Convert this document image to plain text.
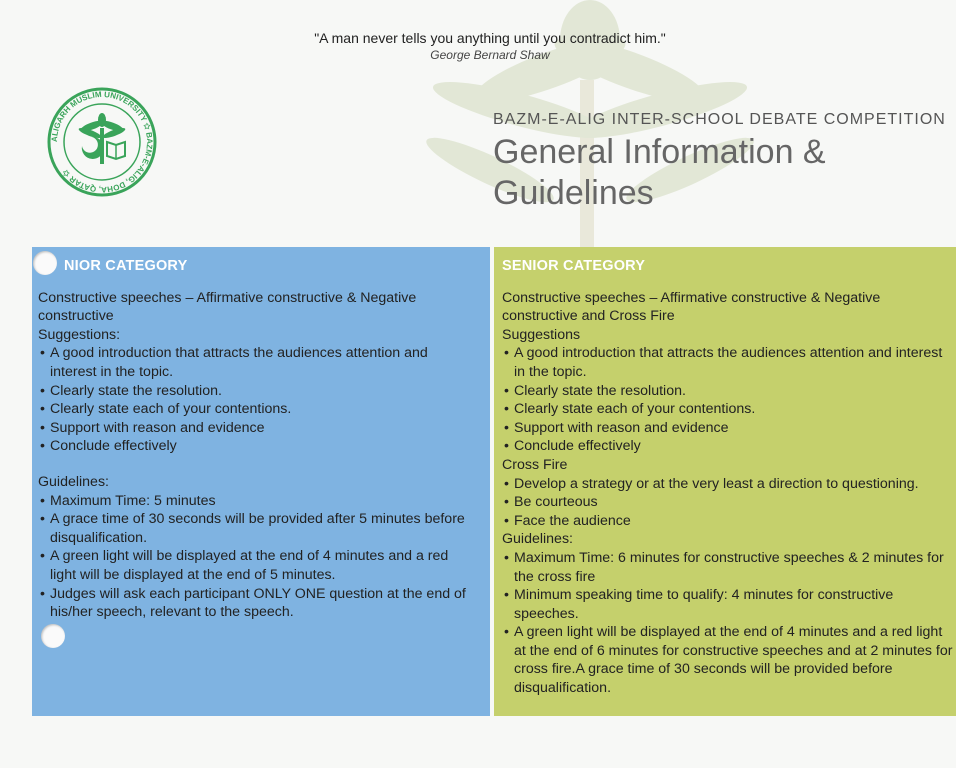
"A man never tells you anything until you contradict him."
George Bernard Shaw
ALIGARH MUSLIM UNIVERSITY ✩ BAZM-E-ALIG, DOHA, QATAR ✩
BAZM-E-ALIG INTER-SCHOOL DEBATE COMPETITION
General Information & Guidelines
NIOR CATEGORY

Constructive speeches – Affirmative constructive & Negative constructive

Suggestions:

• A good introduction that attracts the audiences attention and interest in the topic.
• Clearly state the resolution.
• Clearly state each of your contentions.
• Support with reason and evidence
• Conclude effectively

Guidelines:

• Maximum Time: 5 minutes
• A grace time of 30 seconds will be provided after 5 minutes before disqualification.
• A green light will be displayed at the end of 4 minutes and a red light will be displayed at the end of 5 minutes.
• Judges will ask each participant ONLY ONE question at the end of his/her speech, relevant to the speech.
SENIOR CATEGORY

Constructive speeches – Affirmative constructive & Negative constructive and Cross Fire

Suggestions

• A good introduction that attracts the audiences attention and interest in the topic.
• Clearly state the resolution.
• Clearly state each of your contentions.
• Support with reason and evidence
• Conclude effectively

Cross Fire

• Develop a strategy or at the very least a direction to questioning.
• Be courteous
• Face the audience

Guidelines:

• Maximum Time: 6 minutes for constructive speeches & 2 minutes for the cross fire
• Minimum speaking time to qualify: 4 minutes for constructive speeches.
• A green light will be displayed at the end of 4 minutes and a red light at the end of 6 minutes for constructive speeches and at 2 minutes for cross fire.A grace time of 30 seconds will be provided before disqualification.
